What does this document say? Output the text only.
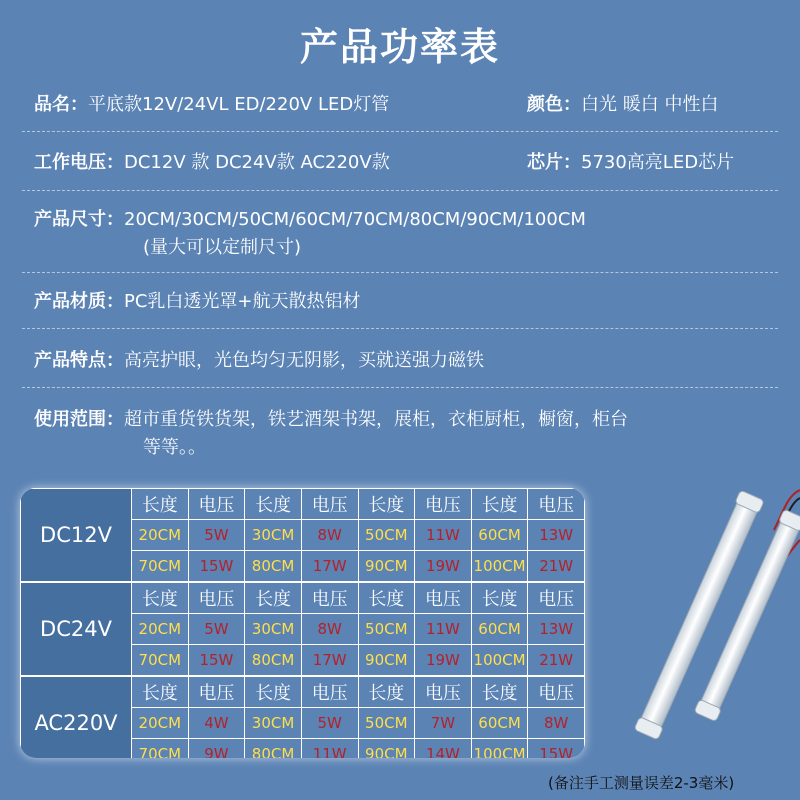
产品功率表
品名：平底款12V/24VL ED/220V LED灯管	颜色：白光 暖白 中性白
工作电压：DC12V 款 DC24V款 AC220V款	芯片：5730高亮LED芯片
产品尺寸：20CM/30CM/50CM/60CM/70CM/80CM/90CM/100CM
(量大可以定制尺寸)
产品材质：PC乳白透光罩+航天散热铝材
产品特点：高亮护眼，光色均匀无阴影，买就送强力磁铁
使用范围：超市重货铁货架，铁艺酒架书架，展柜，衣柜厨柜，橱窗，柜台
等等。。
DC12V	长度	电压	长度	电压	长度	电压	长度	电压
	20CM	5W	30CM	8W	50CM	11W	60CM	13W
	70CM	15W	80CM	17W	90CM	19W	100CM	21W
DC24V	长度	电压	长度	电压	长度	电压	长度	电压
	20CM	5W	30CM	8W	50CM	11W	60CM	13W
	70CM	15W	80CM	17W	90CM	19W	100CM	21W
AC220V	长度	电压	长度	电压	长度	电压	长度	电压
	20CM	4W	30CM	5W	50CM	7W	60CM	8W
	70CM	9W	80CM	11W	90CM	14W	100CM	15W
(备注手工测量误差2-3毫米)
